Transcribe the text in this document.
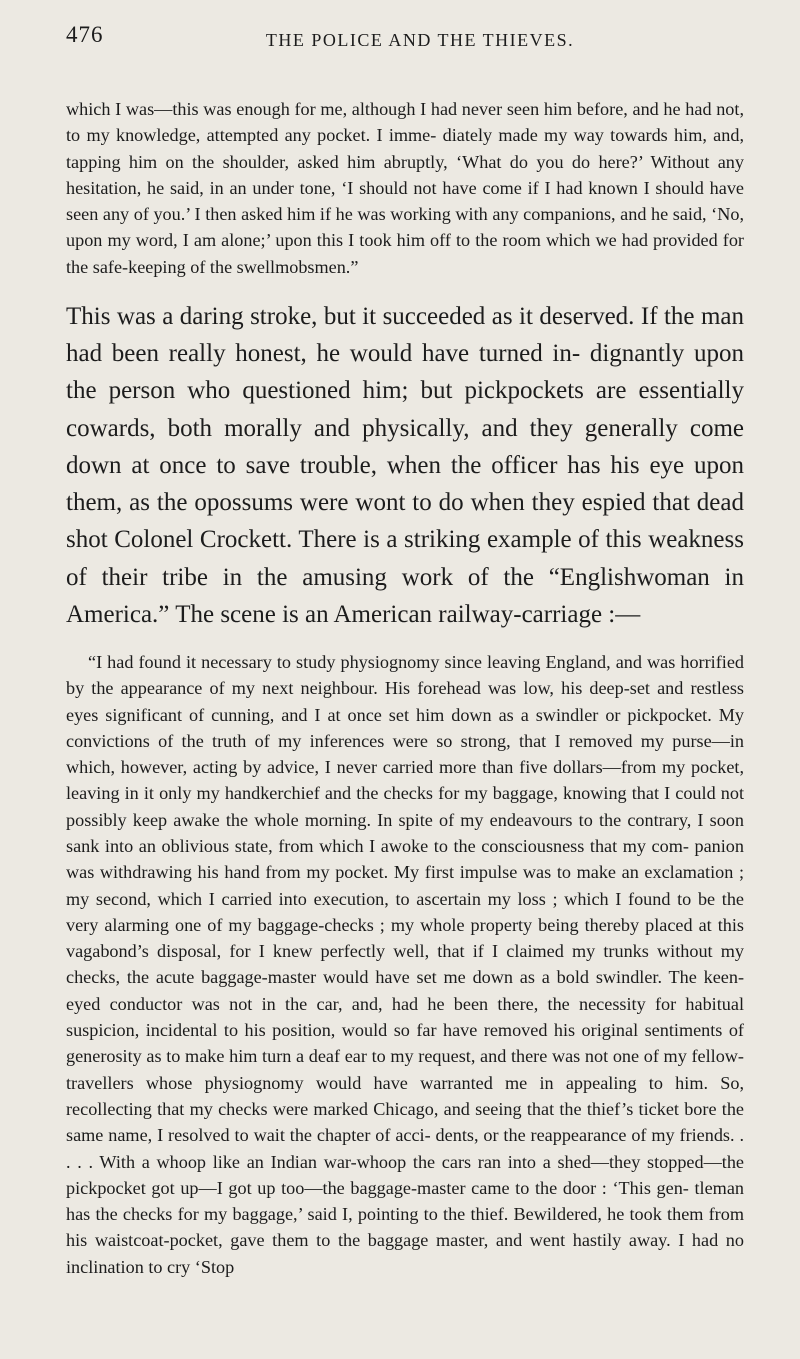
476	THE POLICE AND THE THIEVES.

which I was—this was enough for me, although I had never seen him before, and he had not, to my knowledge, attempted any pocket. I imme- diately made my way towards him, and, tapping him on the shoulder, asked him abruptly, ‘What do you do here?’ Without any hesitation, he said, in an under tone, ‘I should not have come if I had known I should have seen any of you.’ I then asked him if he was working with any companions, and he said, ‘No, upon my word, I am alone;’ upon this I took him off to the room which we had provided for the safe-keeping of the swellmobsmen.”

This was a daring stroke, but it succeeded as it deserved. If the man had been really honest, he would have turned in- dignantly upon the person who questioned him; but pickpockets are essentially cowards, both morally and physically, and they generally come down at once to save trouble, when the officer has his eye upon them, as the opossums were wont to do when they espied that dead shot Colonel Crockett. There is a striking example of this weakness of their tribe in the amusing work of the “Englishwoman in America.” The scene is an American railway-carriage :—

“I had found it necessary to study physiognomy since leaving England, and was horrified by the appearance of my next neighbour. His forehead was low, his deep-set and restless eyes significant of cunning, and I at once set him down as a swindler or pickpocket. My convictions of the truth of my inferences were so strong, that I removed my purse—in which, however, acting by advice, I never carried more than five dollars—from my pocket, leaving in it only my handkerchief and the checks for my baggage, knowing that I could not possibly keep awake the whole morning. In spite of my endeavours to the contrary, I soon sank into an oblivious state, from which I awoke to the consciousness that my com- panion was withdrawing his hand from my pocket. My first impulse was to make an exclamation ; my second, which I carried into execution, to ascertain my loss ; which I found to be the very alarming one of my baggage-checks ; my whole property being thereby placed at this vagabond’s disposal, for I knew perfectly well, that if I claimed my trunks without my checks, the acute baggage-master would have set me down as a bold swindler. The keen-eyed conductor was not in the car, and, had he been there, the necessity for habitual suspicion, incidental to his position, would so far have removed his original sentiments of generosity as to make him turn a deaf ear to my request, and there was not one of my fellow-travellers whose physiognomy would have warranted me in appealing to him. So, recollecting that my checks were marked Chicago, and seeing that the thief’s ticket bore the same name, I resolved to wait the chapter of acci- dents, or the reappearance of my friends. . . . . With a whoop like an Indian war-whoop the cars ran into a shed—they stopped—the pickpocket got up—I got up too—the baggage-master came to the door : ‘This gen- tleman has the checks for my baggage,’ said I, pointing to the thief. Bewildered, he took them from his waistcoat-pocket, gave them to the baggage master, and went hastily away. I had no inclination to cry ‘Stop
